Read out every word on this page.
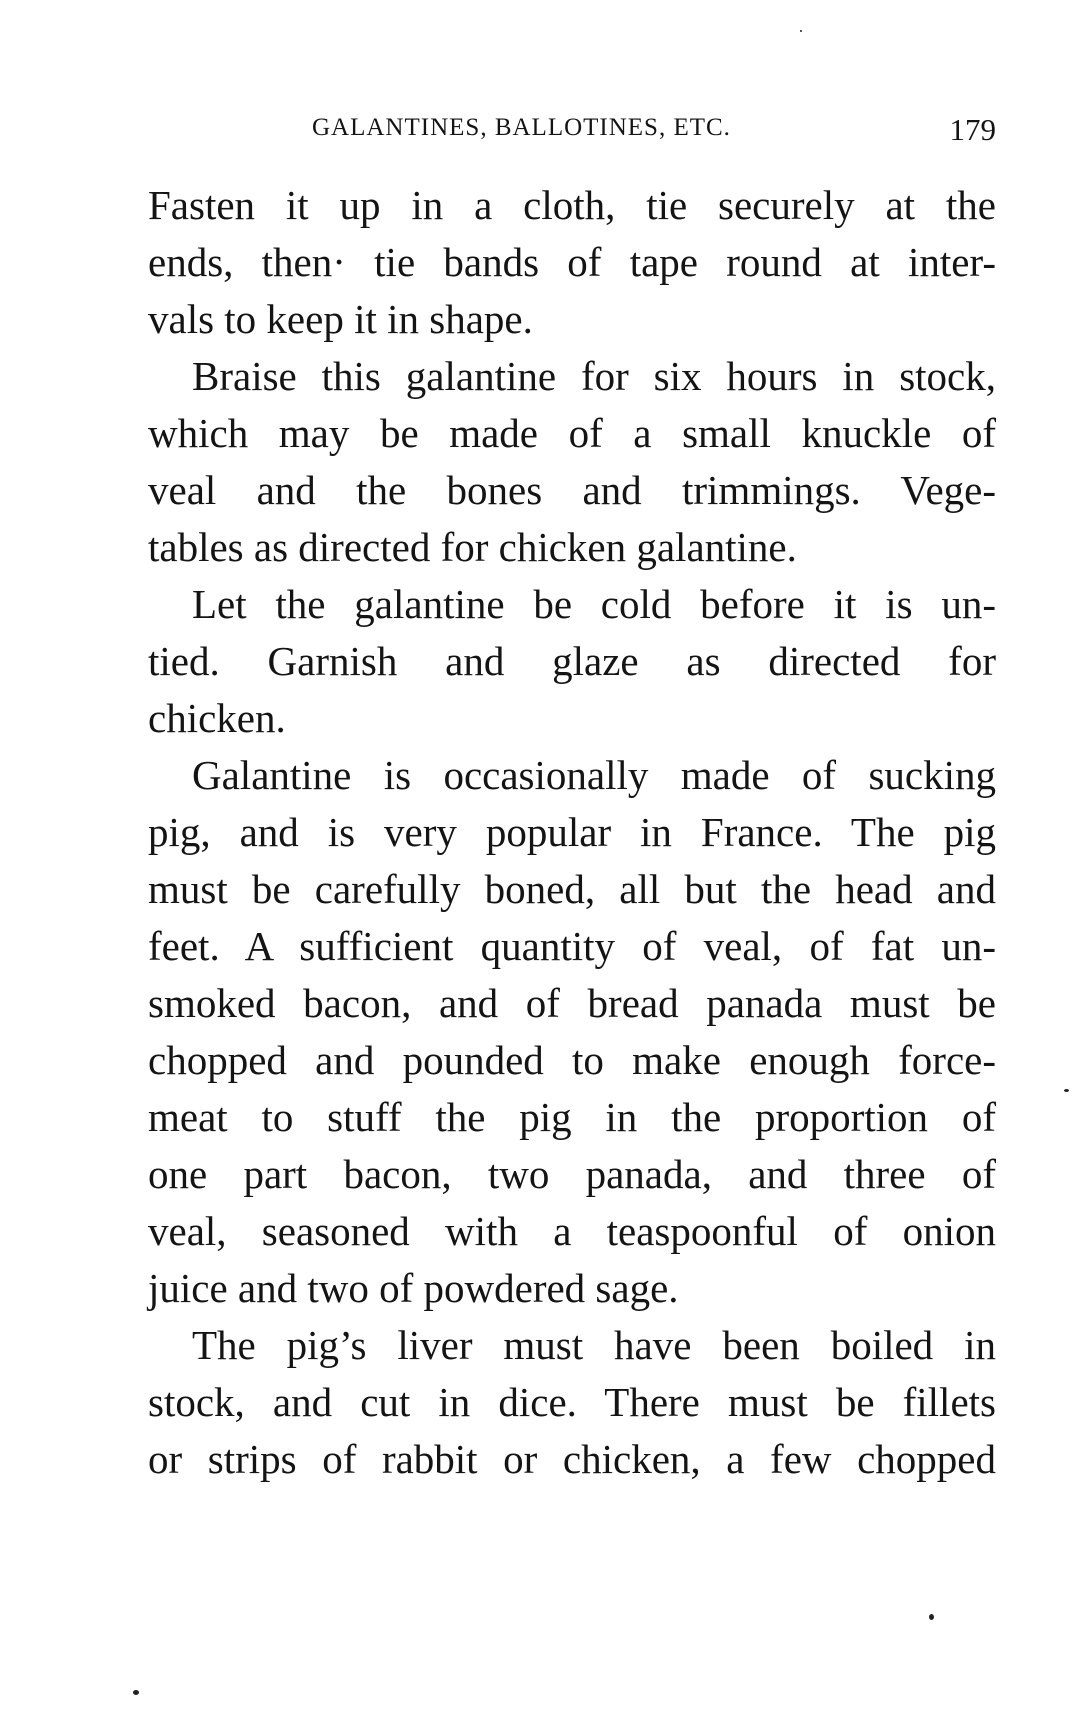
GALANTINES, BALLOTINES, ETC.	179
Fasten it up in a cloth, tie securely at the
ends, then· tie bands of tape round at inter-
vals to keep it in shape.
Braise this galantine for six hours in stock,
which may be made of a small knuckle of
veal and the bones and trimmings. Vege-
tables as directed for chicken galantine.
Let the galantine be cold before it is un-
tied. Garnish and glaze as directed for
chicken.
Galantine is occasionally made of sucking
pig, and is very popular in France. The pig
must be carefully boned, all but the head and
feet. A sufficient quantity of veal, of fat un-
smoked bacon, and of bread panada must be
chopped and pounded to make enough force-
meat to stuff the pig in the proportion of
one part bacon, two panada, and three of
veal, seasoned with a teaspoonful of onion
juice and two of powdered sage.
The pig’s liver must have been boiled in
stock, and cut in dice. There must be fillets
or strips of rabbit or chicken, a few chopped
